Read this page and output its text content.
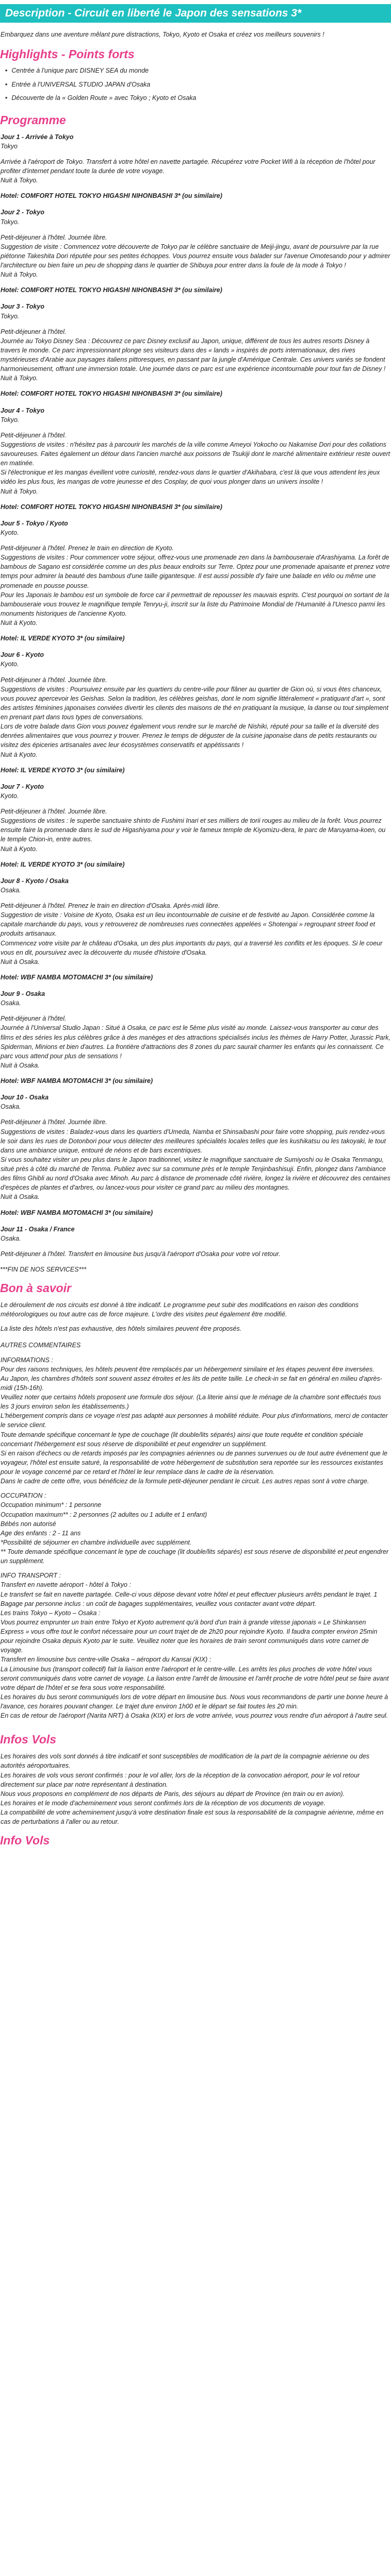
Description - Circuit en liberté le Japon des sensations 3*

Embarquez dans une aventure mêlant pure distractions, Tokyo, Kyoto et Osaka et créez vos meilleurs souvenirs !

Highlights - Points forts
• Centrée à l'unique parc DISNEY SEA du monde
• Entrée à l'UNIVERSAL STUDIO JAPAN d'Osaka
• Découverte de la « Golden Route » avec Tokyo ; Kyoto et Osaka
Programme

Jour 1 - Arrivée à Tokyo

Tokyo

Arrivée à l'aéroport de Tokyo. Transfert à votre hôtel en navette partagée. Récupérez votre Pocket Wifi à la réception de l'hôtel pour profiter d'internet pendant toute la durée de votre voyage.

Nuit à Tokyo.

Hotel: COMFORT HOTEL TOKYO HIGASHI NIHONBASHI 3* (ou similaire)

Jour 2 - Tokyo

Tokyo.

Petit-déjeuner à l'hôtel. Journée libre.

Suggestion de visite : Commencez votre découverte de Tokyo par le célèbre sanctuaire de Meiji-jingu, avant de poursuivre par la rue piétonne Takeshita Dori réputée pour ses petites échoppes. Vous pourrez ensuite vous balader sur l'avenue Omotesando pour y admirer l'architecture ou bien faire un peu de shopping dans le quartier de Shibuya pour entrer dans la foule de la mode à Tokyo !

Nuit à Tokyo.

Hotel: COMFORT HOTEL TOKYO HIGASHI NIHONBASHI 3* (ou similaire)

Jour 3 - Tokyo

Tokyo.

Petit-déjeuner à l'hôtel.

Journée au Tokyo Disney Sea : Découvrez ce parc Disney exclusif au Japon, unique, différent de tous les autres resorts Disney à travers le monde. Ce parc impressionnant plonge ses visiteurs dans des « lands » inspirés de ports internationaux, des rives mystérieuses d'Arabie aux paysages italiens pittoresques, en passant par la jungle d'Amérique Centrale. Ces univers variés se fondent harmonieusement, offrant une immersion totale. Une journée dans ce parc est une expérience incontournable pour tout fan de Disney !

Nuit à Tokyo.

Hotel: COMFORT HOTEL TOKYO HIGASHI NIHONBASHI 3* (ou similaire)

Jour 4 - Tokyo

Tokyo.

Petit-déjeuner à l'hôtel.

Suggestions de visites : n'hésitez pas à parcourir les marchés de la ville comme Ameyoi Yokocho ou Nakamise Dori pour des collations savoureuses. Faites également un détour dans l'ancien marché aux poissons de Tsukiji dont le marché alimentaire extérieur reste ouvert en matinée.

Si l'électronique et les mangas éveillent votre curiosité, rendez-vous dans le quartier d'Akihabara, c'est là que vous attendent les jeux vidéo les plus fous, les mangas de votre jeunesse et des Cosplay, de quoi vous plonger dans un univers insolite !

Nuit à Tokyo.

Hotel: COMFORT HOTEL TOKYO HIGASHI NIHONBASHI 3* (ou similaire)

Jour 5 - Tokyo / Kyoto

Kyoto.

Petit-déjeuner à l'hôtel. Prenez le train en direction de Kyoto.

Suggestions de visites : Pour commencer votre séjour, offrez-vous une promenade zen dans la bambouseraie d'Arashiyama. La forêt de bambous de Sagano est considérée comme un des plus beaux endroits sur Terre. Optez pour une promenade apaisante et prenez votre temps pour admirer la beauté des bambous d'une taille gigantesque. Il est aussi possible d'y faire une balade en vélo ou même une promenade en pousse pousse.

Pour les Japonais le bambou est un symbole de force car il permettrait de repousser les mauvais esprits. C'est pourquoi on sortant de la bambouseraie vous trouvez le magnifique temple Tenryu-ji, inscrit sur la liste du Patrimoine Mondial de l'Humanité à l'Unesco parmi les monuments historiques de l'ancienne Kyoto.

Nuit à Kyoto.

Hotel: IL VERDE KYOTO 3* (ou similaire)

Jour 6 - Kyoto

Kyoto.

Petit-déjeuner à l'hôtel. Journée libre.

Suggestions de visites : Poursuivez ensuite par les quartiers du centre-ville pour flâner au quartier de Gion où, si vous êtes chanceux, vous pouvez apercevoir les Geishas. Selon la tradition, les célèbres geishas, dont le nom signifie littéralement « pratiquant d'art », sont des artistes féminines japonaises conviées divertir les clients des maisons de thé en pratiquant la musique, la danse ou tout simplement en prenant part dans tous types de conversations.

Lors de votre balade dans Gion vous pouvez également vous rendre sur le marché de Nishiki, réputé pour sa taille et la diversité des denrées alimentaires que vous pourrez y trouver. Prenez le temps de déguster de la cuisine japonaise dans de petits restaurants ou visitez des épiceries artisanales avec leur écosystèmes conservatifs et appétissants !

Nuit à Kyoto.

Hotel: IL VERDE KYOTO 3* (ou similaire)

Jour 7 - Kyoto

Kyoto.

Petit-déjeuner à l'hôtel. Journée libre.

Suggestions de visites : le superbe sanctuaire shinto de Fushimi Inari et ses milliers de torii rouges au milieu de la forêt. Vous pourrez ensuite faire la promenade dans le sud de Higashiyama pour y voir le fameux temple de Kiyomizu-dera, le parc de Maruyama-koen, ou le temple Chion-in, entre autres.

Nuit à Kyoto.

Hotel: IL VERDE KYOTO 3* (ou similaire)

Jour 8 - Kyoto / Osaka

Osaka.

Petit-déjeuner à l'hôtel. Prenez le train en direction d'Osaka. Après-midi libre.

Suggestion de visite : Voisine de Kyoto, Osaka est un lieu incontournable de cuisine et de festivité au Japon. Considérée comme la capitale marchande du pays, vous y retrouverez de nombreuses rues connectées appelées « Shotengai » regroupant street food et produits artisanaux.

Commencez votre visite par le château d'Osaka, un des plus importants du pays, qui a traversé les conflits et les époques. Si le coeur vous en dit, poursuivez avec la découverte du musée d'histoire d'Osaka.

Nuit à Osaka.

Hotel: WBF NAMBA MOTOMACHI 3* (ou similaire)

Jour 9 - Osaka

Osaka.

Petit-déjeuner à l'hôtel.

Journée à l'Universal Studio Japan : Situé à Osaka, ce parc est le 5ème plus visité au monde. Laissez-vous transporter au cœur des films et des séries les plus célèbres grâce à des manèges et des attractions spécialisés inclus les thèmes de Harry Potter, Jurassic Park, Spiderman, Minions et bien d'autres. La frontière d'attractions des 8 zones du parc saurait charmer les enfants qui les connaissent. Ce parc vous attend pour plus de sensations !

Nuit à Osaka.

Hotel: WBF NAMBA MOTOMACHI 3* (ou similaire)

Jour 10 - Osaka

Osaka.

Petit-déjeuner à l'hôtel. Journée libre.

Suggestions de visites : Baladez-vous dans les quartiers d'Umeda, Namba et Shinsaibashi pour faire votre shopping, puis rendez-vous le soir dans les rues de Dotonbori pour vous délecter des meilleures spécialités locales telles que les kushikatsu ou les takoyaki, le tout dans une ambiance unique, entouré de néons et de bars excentriques.

Si vous souhaitez visiter un peu plus dans le Japon traditionnel, visitez le magnifique sanctuaire de Sumiyoshi ou le Osaka Tenmangu, situé près à côté du marché de Tenma. Publiez avec sur sa commune près et le temple Tenjinbashisuji. Enfin, plongez dans l'ambiance des films Ghibli au nord d'Osaka avec Minoh. Au parc à distance de promenade côté rivière, longez la rivière et découvrez des centaines d'espèces de plantes et d'arbres, ou lancez-vous pour visiter ce grand parc au milieu des montagnes.

Nuit à Osaka.

Hotel: WBF NAMBA MOTOMACHI 3* (ou similaire)

Jour 11 - Osaka / France

Osaka.

Petit-déjeuner à l'hôtel. Transfert en limousine bus jusqu'à l'aéroport d'Osaka pour votre vol retour.

***FIN DE NOS SERVICES***

Bon à savoir

Le déroulement de nos circuits est donné à titre indicatif. Le programme peut subir des modifications en raison des conditions météorologiques ou tout autre cas de force majeure. L'ordre des visites peut également être modifié.

La liste des hôtels n'est pas exhaustive, des hôtels similaires peuvent être proposés.

AUTRES COMMENTAIRES

INFORMATIONS :

Pour des raisons techniques, les hôtels peuvent être remplacés par un hébergement similaire et les étapes peuvent être inversées.

Au Japon, les chambres d'hôtels sont souvent assez étroites et les lits de petite taille. Le check-in se fait en général en milieu d'après-midi (15h-16h).

Veuillez noter que certains hôtels proposent une formule dos séjour. (La literie ainsi que le ménage de la chambre sont effectués tous les 3 jours environ selon les établissements.)

L'hébergement compris dans ce voyage n'est pas adapté aux personnes à mobilité réduite. Pour plus d'informations, merci de contacter le service client.

Toute demande spécifique concernant le type de couchage (lit double/lits séparés) ainsi que toute requête et condition spéciale concernant l'hébergement est sous réserve de disponibilité et peut engendrer un supplément.

Si en raison d'échecs ou de retards imposés par les compagnies aériennes ou de pannes survenues ou de tout autre événement que le voyageur, l'hôtel est ensuite saturé, la responsabilité de votre hébergement de substitution sera reportée sur les ressources existantes pour le voyage concerné par ce retard et l'hôtel le leur remplace dans le cadre de la réservation.

Dans le cadre de cette offre, vous bénéficiez de la formule petit-déjeuner pendant le circuit. Les autres repas sont à votre charge.

OCCUPATION :

Occupation minimum* : 1 personne

Occupation maximum** : 2 personnes (2 adultes ou 1 adulte et 1 enfant)

Bébés non autorisé

Age des enfants : 2 - 11 ans

*Possibilité de séjourner en chambre individuelle avec supplément.

** Toute demande spécifique concernant le type de couchage (lit double/lits séparés) est sous réserve de disponibilité et peut engendrer un supplément.

INFO TRANSPORT :

Transfert en navette aéroport - hôtel à Tokyo :

Le transfert se fait en navette partagée. Celle-ci vous dépose devant votre hôtel et peut effectuer plusieurs arrêts pendant le trajet. 1 Bagage par personne inclus : un coût de bagages supplémentaires, veuillez vous contacter avant votre départ.

Les trains Tokyo – Kyoto – Osaka :

Vous pourrez emprunter un train entre Tokyo et Kyoto autrement qu'à bord d'un train à grande vitesse japonais « Le Shinkansen Express » vous offre tout le confort nécessaire pour un court trajet de de 2h20 pour rejoindre Kyoto. Il faudra compter environ 25min pour rejoindre Osaka depuis Kyoto par le suite. Veuillez noter que les horaires de train seront communiqués dans votre carnet de voyage.

Transfert en limousine bus centre-ville Osaka – aéroport du Kansai (KIX) :

La Limousine bus (transport collectif) fait la liaison entre l'aéroport et le centre-ville. Les arrêts les plus proches de votre hôtel vous seront communiqués dans votre carnet de voyage. La liaison entre l'arrêt de limousine et l'arrêt proche de votre hôtel peut se faire avant votre départ de l'hôtel et se fera sous votre responsabilité.

Les horaires du bus seront communiqués lors de votre départ en limousine bus. Nous vous recommandons de partir une bonne heure à l'avance, ces horaires pouvant changer. Le trajet dure environ 1h00 et le départ se fait toutes les 20 min.

En cas de retour de l'aéroport (Narita NRT) à Osaka (KIX) et lors de votre arrivée, vous pourrez vous rendre d'un aéroport à l'autre seul.

Infos Vols

Les horaires des vols sont donnés à titre indicatif et sont susceptibles de modification de la part de la compagnie aérienne ou des autorités aéroportuaires.

Les horaires de vols vous seront confirmés : pour le vol aller, lors de la réception de la convocation aéroport, pour le vol retour directement sur place par notre représentant à destination.

Nous vous proposons en complément de nos départs de Paris, des séjours au départ de Province (en train ou en avion).

Les horaires et le mode d'acheminement vous seront confirmés lors de la réception de vos documents de voyage.

La compatibilité de votre acheminement jusqu'à votre destination finale est sous la responsabilité de la compagnie aérienne, même en cas de perturbations à l'aller ou au retour.

Info Vols
